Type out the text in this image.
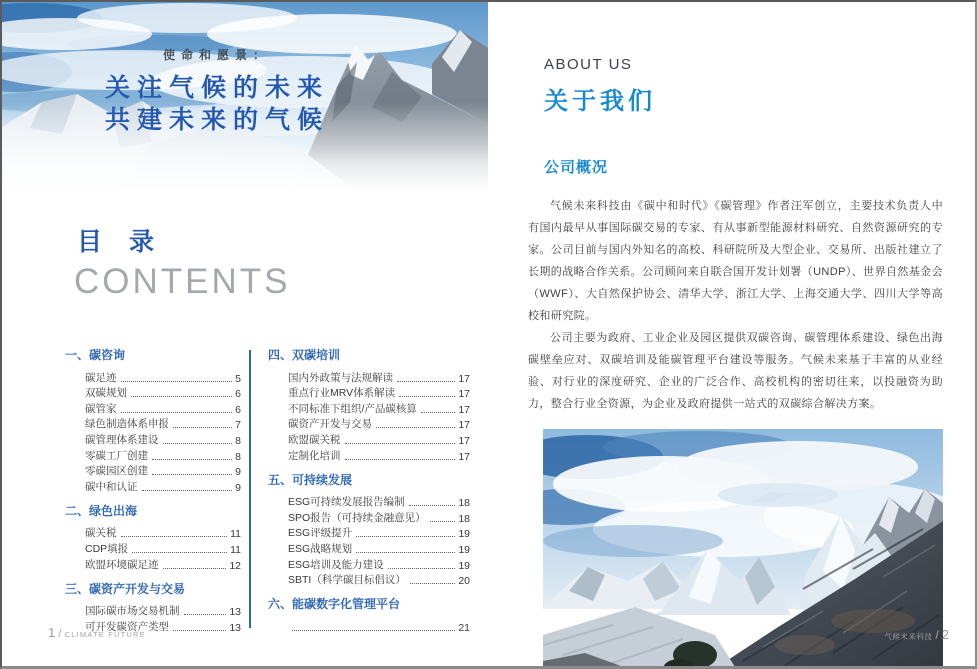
使命和愿景：
关注气候的未来
共建未来的气候
目 录
CONTENTS
一、碳咨询
碳足迹	5
双碳规划	6
碳管家	6
绿色制造体系申报	7
碳管理体系建设	8
零碳工厂创建	8
零碳园区创建	9
碳中和认证	9
二、绿色出海
碳关税	11
CDP填报	11
欧盟环境碳足迹	12
三、碳资产开发与交易
国际碳市场交易机制	13
可开发碳资产类型	13
四、双碳培训
国内外政策与法规解读	17
重点行业MRV体系解读	17
不同标准下组织/产品碳核算	17
碳资产开发与交易	17
欧盟碳关税	17
定制化培训	17
五、可持续发展
ESG可持续发展报告编制	18
SPO报告（可持续金融意见）	18
ESG评级提升	19
ESG战略规划	19
ESG培训及能力建设	19
SBTI（科学碳目标倡议）	20
六、能碳数字化管理平台
21
1 / CLIMATE FUTURE
ABOUT US
关于我们
公司概况

气候未来科技由《碳中和时代》《碳管理》作者汪军创立，主要技术负责人中有国内最早从事国际碳交易的专家、有从事新型能源材料研究、自然资源研究的专家。公司目前与国内外知名的高校、科研院所及大型企业、交易所、出版社建立了长期的战略合作关系。公司顾问来自联合国开发计划署（UNDP）、世界自然基金会（WWF）、大自然保护协会、清华大学、浙江大学、上海交通大学、四川大学等高校和研究院。

公司主要为政府、工业企业及园区提供双碳咨询、碳管理体系建设、绿色出海碳壁垒应对、双碳培训及能碳管理平台建设等服务。气候未来基于丰富的从业经验、对行业的深度研究、企业的广泛合作、高校机构的密切往来，以投融资为助力，整合行业全资源，为企业及政府提供一站式的双碳综合解决方案。

气候未来科技 / 2
